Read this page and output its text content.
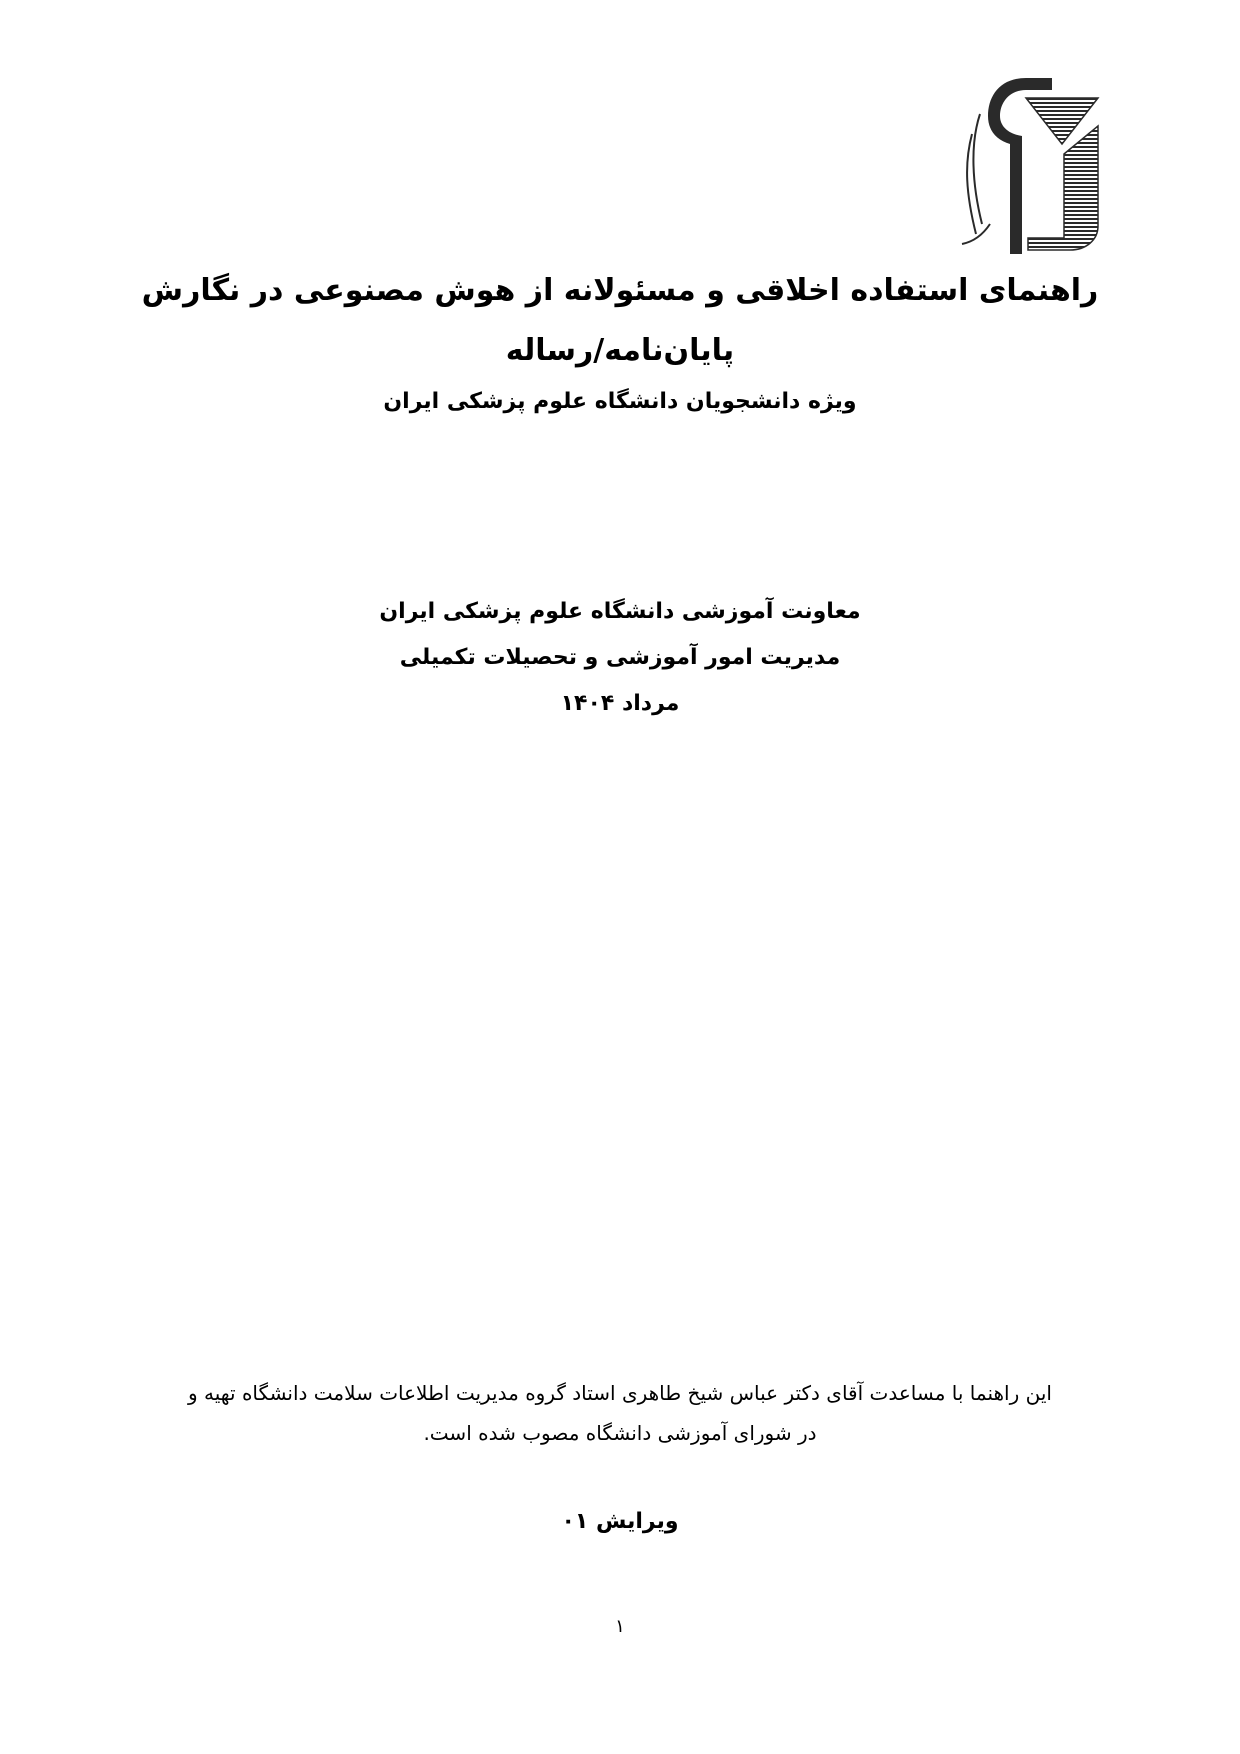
راهنمای استفاده اخلاقی و مسئولانه از هوش مصنوعی در نگارش
پایان‌نامه/رساله
ویژه دانشجویان دانشگاه علوم پزشکی ایران
معاونت آموزشی دانشگاه علوم پزشکی ایران
مدیریت امور آموزشی و تحصیلات تکمیلی
مرداد ۱۴۰۴
این راهنما با مساعدت آقای دکتر عباس شیخ طاهری استاد گروه مدیریت اطلاعات سلامت دانشگاه تهیه و
در شورای آموزشی دانشگاه مصوب شده است.
ویرایش ۰۱
۱
